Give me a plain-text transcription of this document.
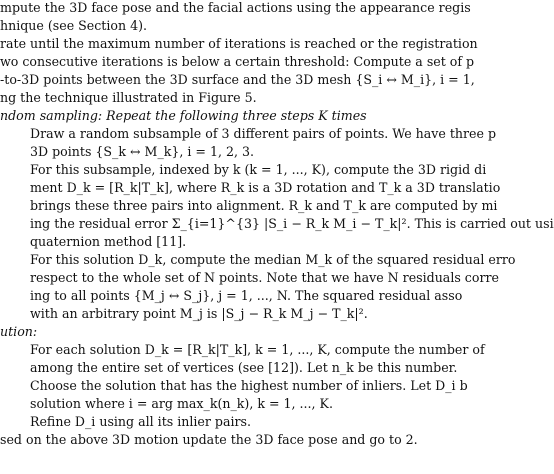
mpute the 3D face pose and the facial actions using the appearance regis
hnique (see Section 4).
rate until the maximum number of iterations is reached or the registration
wo consecutive iterations is below a certain threshold: Compute a set of p
-to-3D points between the 3D surface and the 3D mesh {S_i ↔ M_i}, i = 1,
ng the technique illustrated in Figure 5.
ndom sampling: Repeat the following three steps K times
Draw a random subsample of 3 different pairs of points. We have three p
3D points {S_k ↔ M_k}, i = 1, 2, 3.
For this subsample, indexed by k (k = 1, ..., K), compute the 3D rigid di
ment D_k = [R_k|T_k], where R_k is a 3D rotation and T_k a 3D translatio
brings these three pairs into alignment. R_k and T_k are computed by mi
ing the residual error Σ_{i=1}^{3} |S_i − R_k M_i − T_k|². This is carried out usi
quaternion method [11].
For this solution D_k, compute the median M_k of the squared residual erro
respect to the whole set of N points. Note that we have N residuals corre
ing to all points {M_j ↔ S_j}, j = 1, ..., N. The squared residual asso
with an arbitrary point M_j is |S_j − R_k M_j − T_k|².
ution:
For each solution D_k = [R_k|T_k], k = 1, ..., K, compute the number of
among the entire set of vertices (see [12]). Let n_k be this number.
Choose the solution that has the highest number of inliers. Let D_i b
solution where i = arg max_k(n_k), k = 1, ..., K.
Refine D_i using all its inlier pairs.
sed on the above 3D motion update the 3D face pose and go to 2.
